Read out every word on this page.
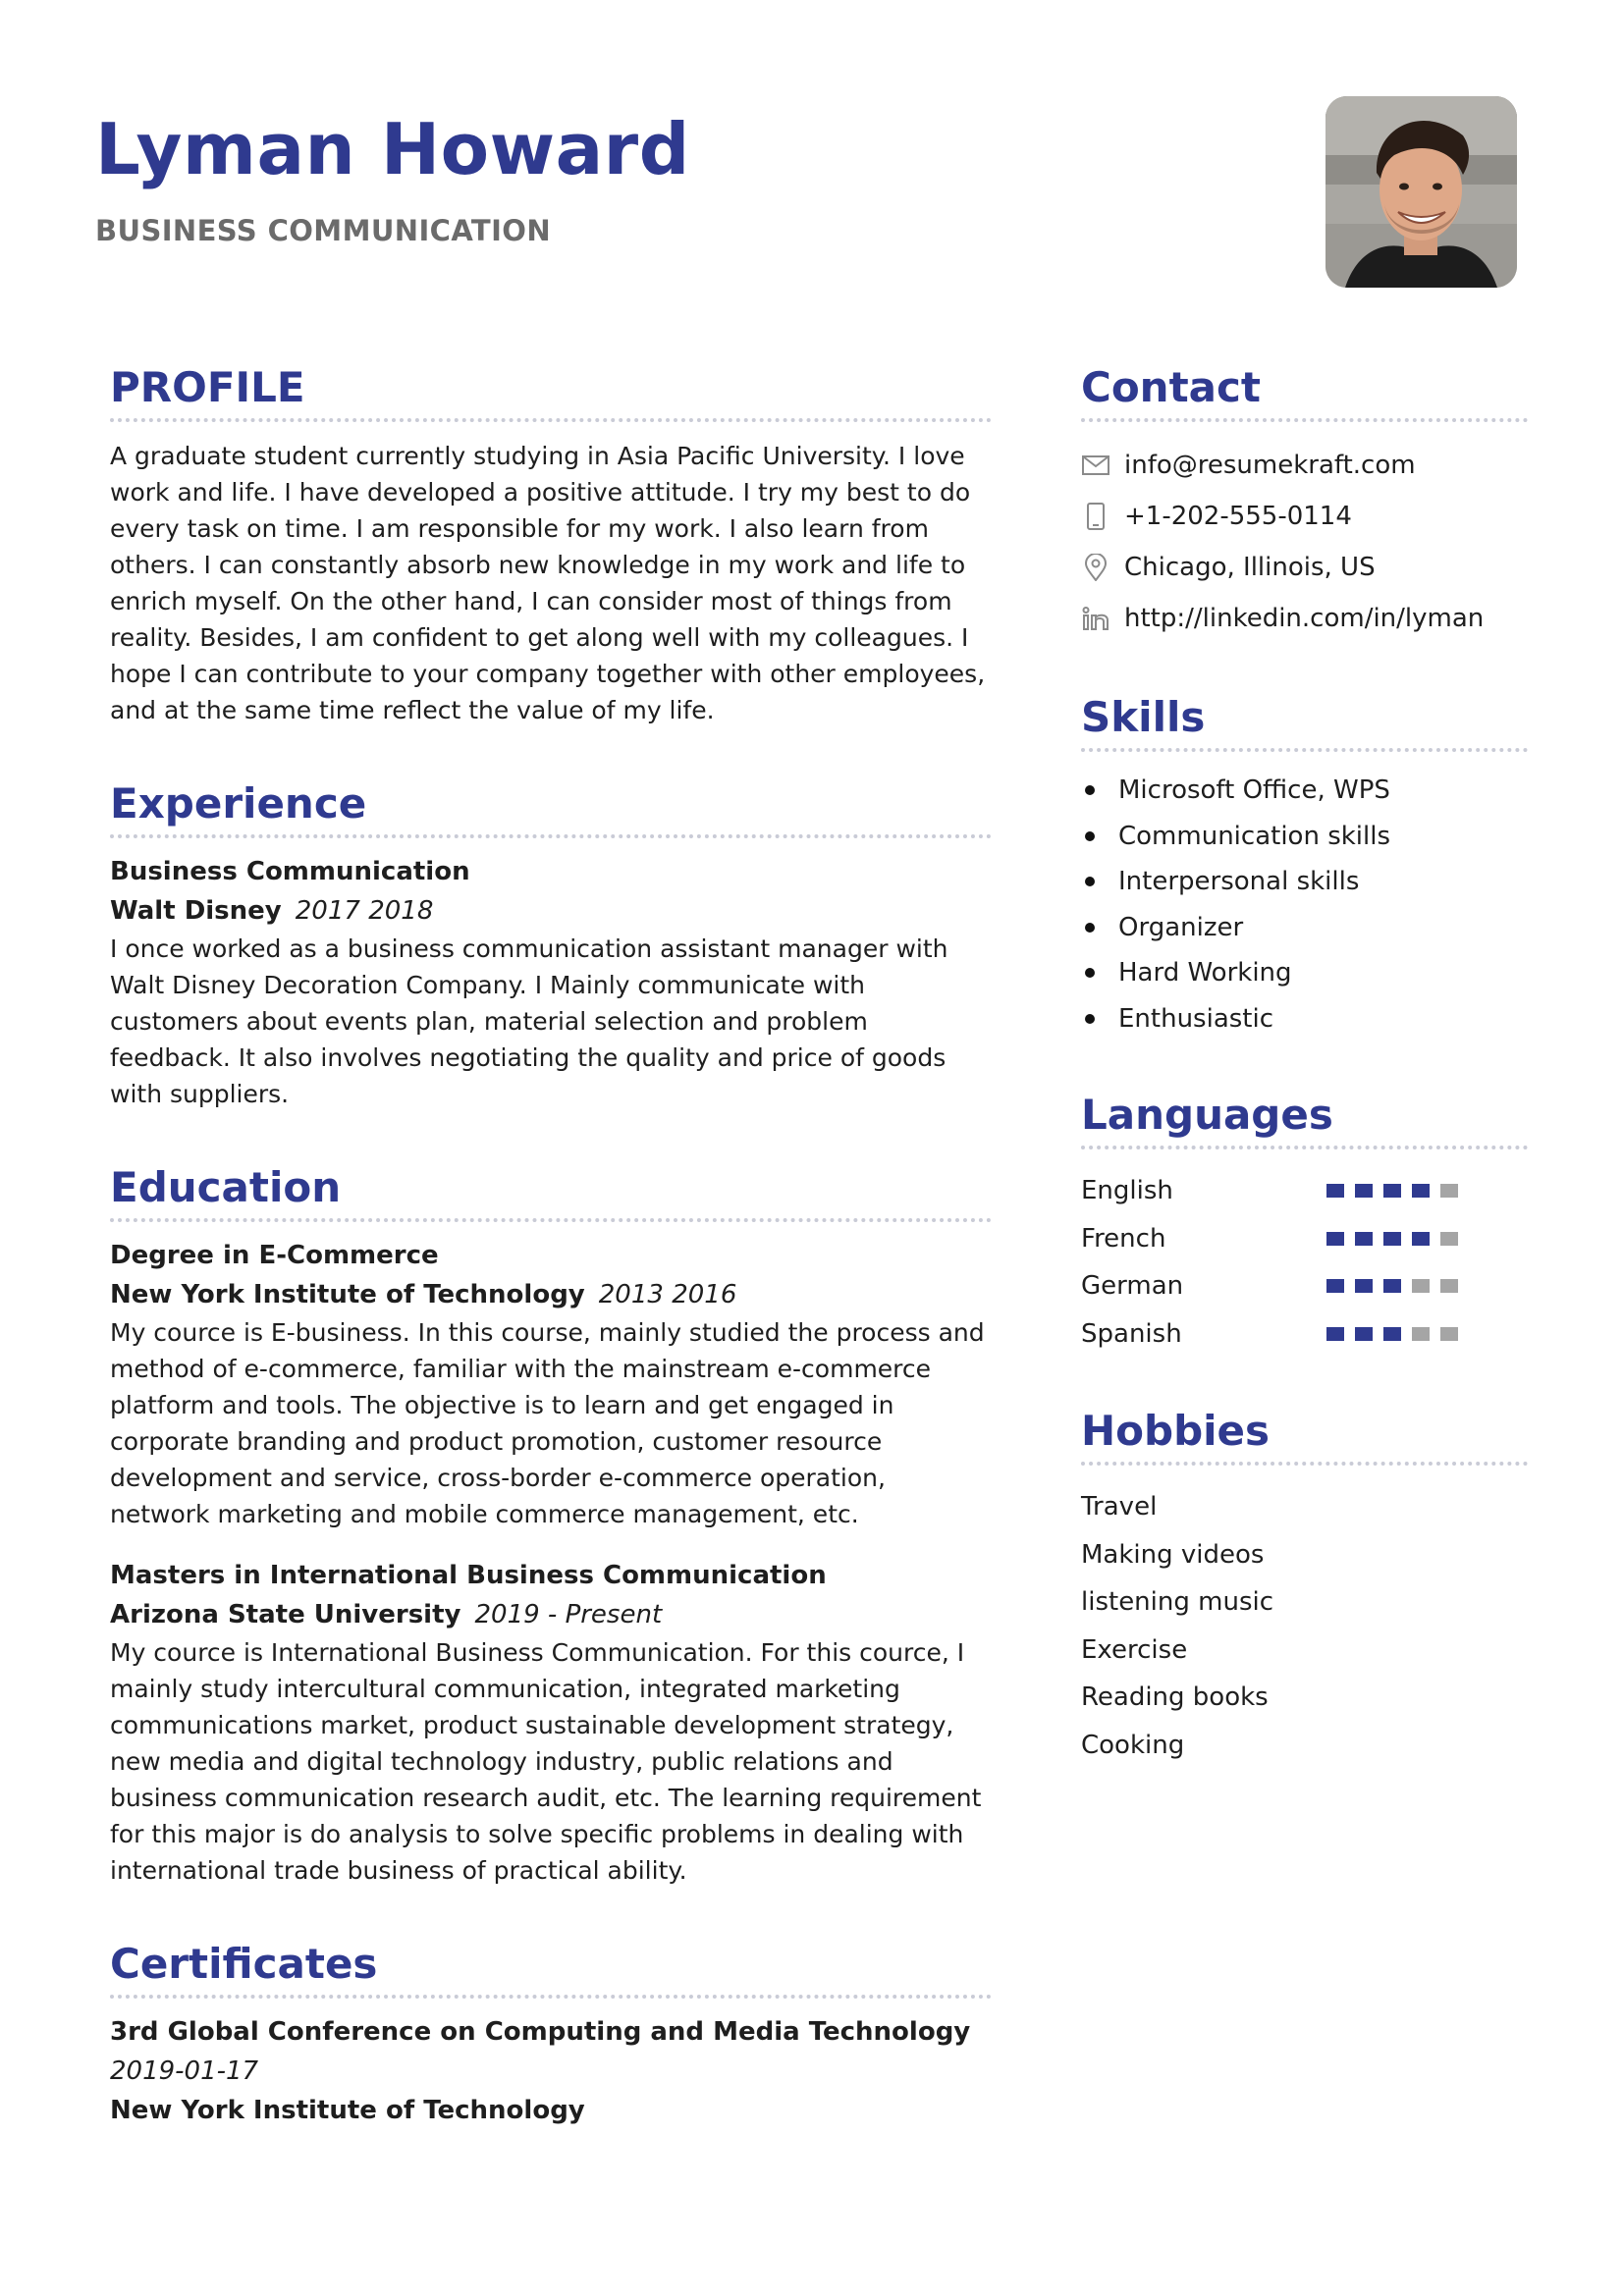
Lyman Howard
BUSINESS COMMUNICATION
PROFILE

A graduate student currently studying in Asia Pacific University. I love work and life. I have developed a positive attitude. I try my best to do every task on time. I am responsible for my work. I also learn from others. I can constantly absorb new knowledge in my work and life to enrich myself. On the other hand, I can consider most of things from reality. Besides, I am confident to get along well with my colleagues. I hope I can contribute to your company together with other employees, and at the same time reflect the value of my life.

Experience
Business Communication
Walt Disney 2017 2018
I once worked as a business communication assistant manager with Walt Disney Decoration Company. I Mainly communicate with customers about events plan, material selection and problem feedback. It also involves negotiating the quality and price of goods with suppliers.
Education
Degree in E-Commerce
New York Institute of Technology 2013 2016
My cource is E-business. In this course, mainly studied the process and method of e-commerce, familiar with the mainstream e-commerce platform and tools. The objective is to learn and get engaged in corporate branding and product promotion, customer resource development and service, cross-border e-commerce operation, network marketing and mobile commerce management, etc.
Masters in International Business Communication
Arizona State University 2019 - Present
My cource is International Business Communication. For this cource, I mainly study intercultural communication, integrated marketing communications market, product sustainable development strategy, new media and digital technology industry, public relations and business communication research audit, etc. The learning requirement for this major is do analysis to solve specific problems in dealing with international trade business of practical ability.
Certificates
3rd Global Conference on Computing and Media Technology
2019-01-17
New York Institute of Technology
Contact
info@resumekraft.com
+1-202-555-0114
Chicago, Illinois, US
http://linkedin.com/in/lyman
Skills
Microsoft Office, WPS
Communication skills
Interpersonal skills
Organizer
Hard Working
Enthusiastic
Languages
English
French
German
Spanish
Hobbies
Travel
Making videos
listening music
Exercise
Reading books
Cooking
